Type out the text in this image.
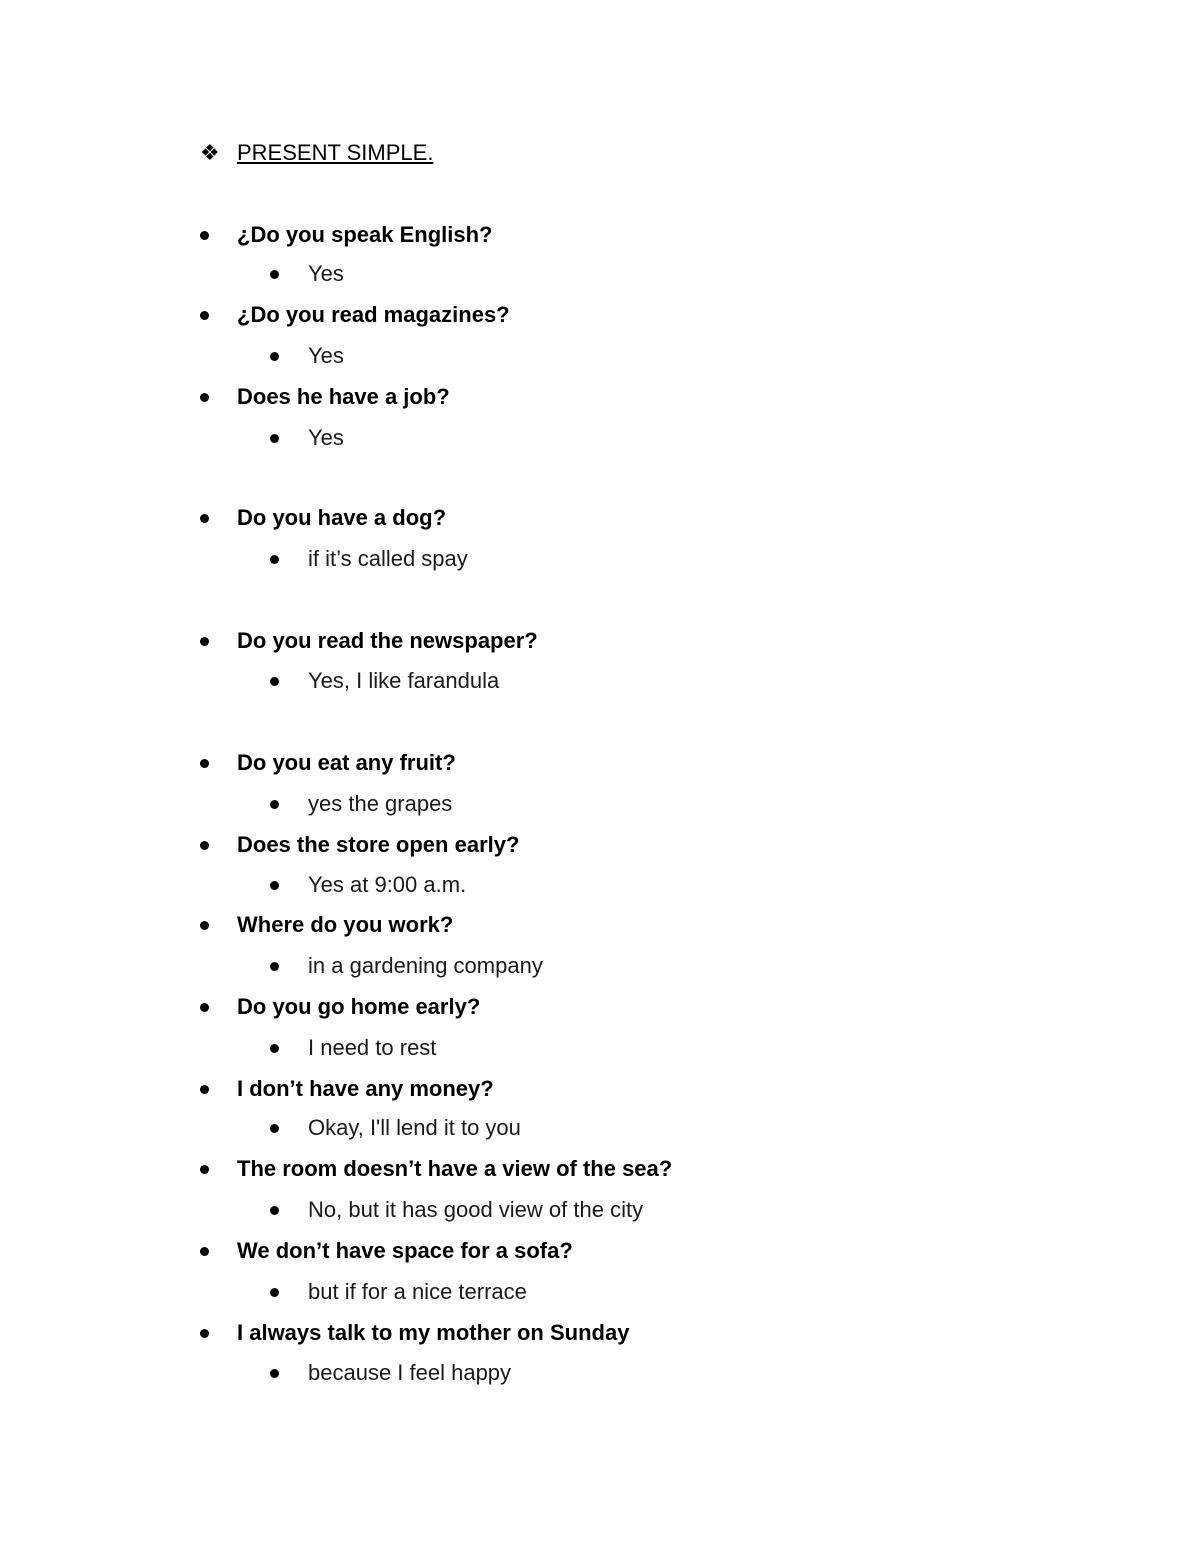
❖ PRESENT SIMPLE.
¿Do you speak English?
Yes
¿Do you read magazines?
Yes
Does he have a job?
Yes
Do you have a dog?
if it’s called spay
Do you read the newspaper?
Yes, I like farandula
Do you eat any fruit?
yes the grapes
Does the store open early?
Yes at 9:00 a.m.
Where do you work?
in a gardening company
Do you go home early?
I need to rest
I don’t have any money?
Okay, I'll lend it to you
The room doesn’t have a view of the sea?
No, but it has good view of the city
We don’t have space for a sofa?
but if for a nice terrace
I always talk to my mother on Sunday
because I feel happy
